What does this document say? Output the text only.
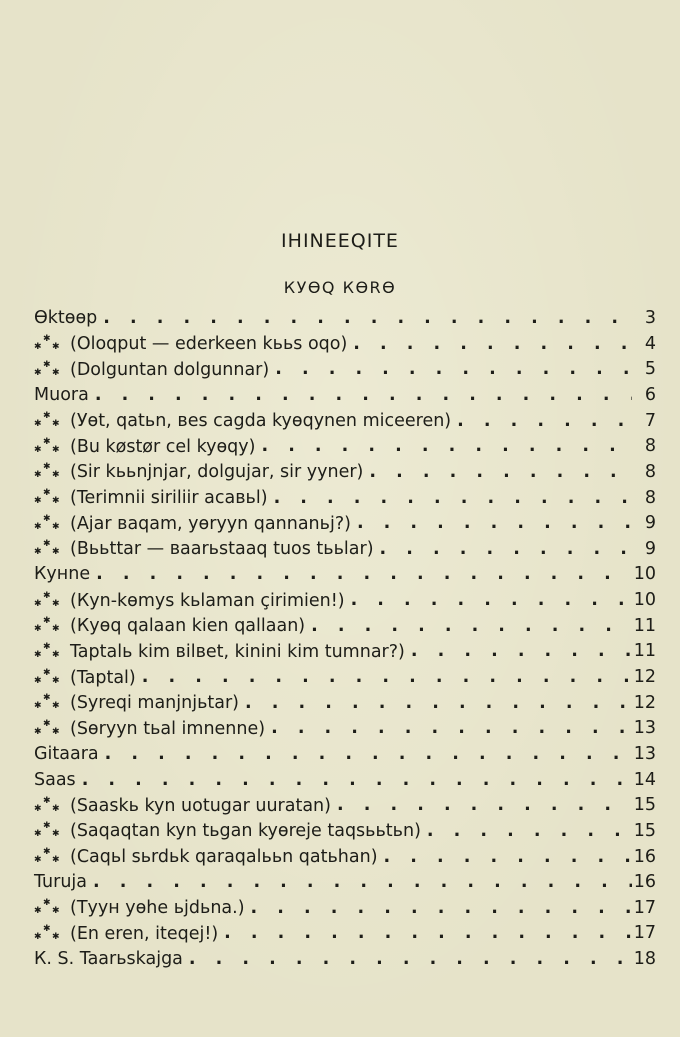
IHINEEQITE
КУӨQ КӨRӨ
Өktөөр . . .	3
✱
✱
✱ (Oloqput — ederkeen kььs oqo) . . .	4
✱
✱
✱ (Dolguntan dolgunnar) . . .	5
Muora . . .	6
✱
✱
✱ (Уөt, qatьn, вes cagda kyөqynen miceeren) . . .	7
✱
✱
✱ (Bu køstør cel kyөqy) . . .	8
✱
✱
✱ (Sir kььnjnjar, dolgujar, sir yyner) . . .	8
✱
✱
✱ (Terimnii siriliir acaвьl) . . .	8
✱
✱
✱ (Ajar вaqam, yөryyn qannanьj?) . . .	9
✱
✱
✱ (Вььttar — вaarьstaaq tuos tььlar) . . .	9
Кунnе . . .	10
✱
✱
✱ (Кyn-kөmys kьlaman çirimien!) . . .	10
✱
✱
✱ (Кyөq qalaan kien qallaan) . . .	11
✱
✱
✱ Taptalь kim вilвet, kinini kim tumnar?) . . .	11
✱
✱
✱ (Taptal) . . .	12
✱
✱
✱ (Syreqi manjnjьtar) . . .	12
✱
✱
✱ (Sөryyn tьal imnenne) . . .	13
Gitaara . . .	13
Saas . . .	14
✱
✱
✱ (Saaskь kyn uotugar uuratan) . . .	15
✱
✱
✱ (Saqaqtan kyn tьgan kyөreje taqsььtьn) . . .	15
✱
✱
✱ (Caqьl sьrdьk qaraqalььn qatьhan) . . .	16
Turuja . . .	16
✱
✱
✱ (Туун yөhe ьjdьna.) . . .	17
✱
✱
✱ (En eren, iteqej!) . . .	17
К. S. Taarьskajga . . .	18
